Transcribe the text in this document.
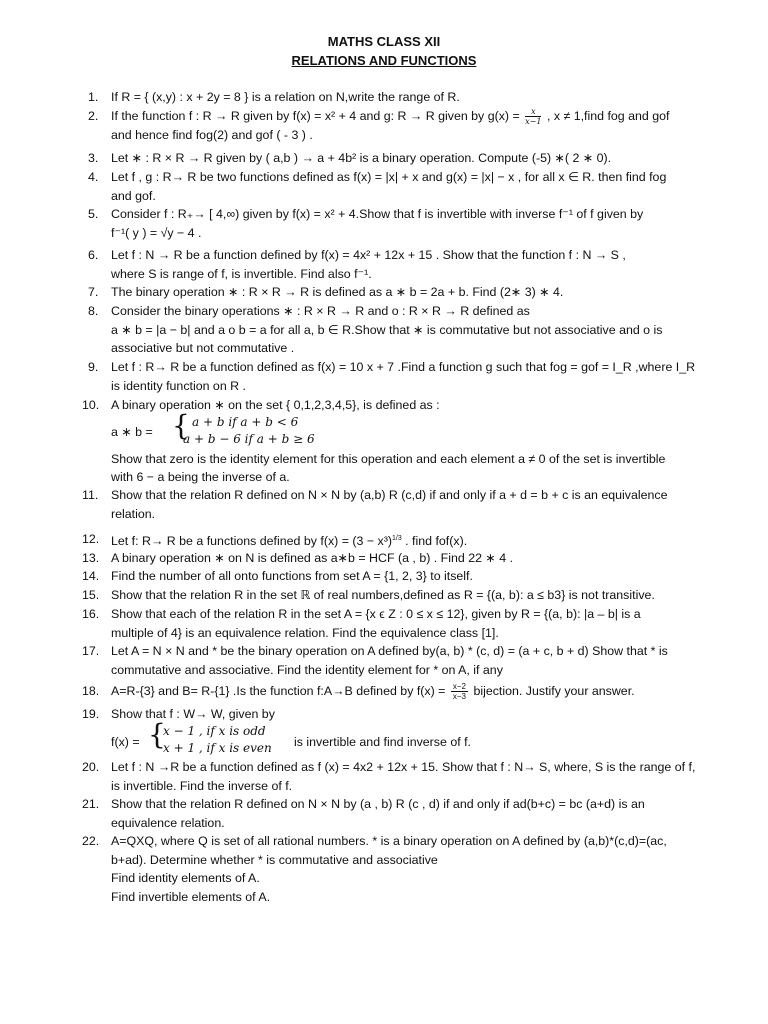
MATHS CLASS XII
RELATIONS AND FUNCTIONS
1.	If R = { (x,y) : x + 2y = 8 } is a relation on N,write the range of R.
2.	If the function f : R → R given by f(x) = x² + 4 and g: R → R given by $g(x) = \frac{x}{x-1}$ , x ≠ 1,find fog and gof
and hence find fog(2) and gof ( - 3 ) .
3.	Let ∗ : R × R → R given by ( a,b ) → a + 4b² is a binary operation. Compute (-5) ∗( 2 ∗ 0).
4.	Let f , g : R→ R be two functions defined as f(x) = |x| + x and g(x) = |x| − x , for all x ∈ R. then find fog
and gof.
5.	Consider f : R₊→ [ 4,∞) given by f(x) = x² + 4.Show that f is invertible with inverse f⁻¹ of f given by
f⁻¹( y ) = √y − 4 .
6.	Let f : N → R be a function defined by f(x) = 4x² + 12x + 15 . Show that the function f : N → S ,
where S is range of f, is invertible. Find also f⁻¹.
7.	The binary operation ∗ : R × R → R is defined as a ∗ b = 2a + b. Find (2∗ 3) ∗ 4.
8.	Consider the binary operations ∗ : R × R → R and o : R × R → R defined as
a ∗ b = |a − b| and a o b = a for all a, b ∈ R.Show that ∗ is commutative but not associative and o is
associative but not commutative .
9.	Let f : R→ R be a function defined as f(x) = 10 x + 7 .Find a function g such that fog = gof = I_R ,where I_R
is identity function on R .
10. A binary operation ∗ on the set { 0,1,2,3,4,5}, is defined as :
a ∗ b = { a + b if a + b < 6
a + b − 6 if a + b ≥ 6
Show that zero is the identity element for this operation and each element a ≠ 0 of the set is invertible
with 6 − a being the inverse of a.
11.	Show that the relation R defined on N × N by (a,b) R (c,d) if and only if a + d = b + c is an equivalence
relation.
12. Let f: R→ R be a functions defined by $f(x) = (3 - x^3)^{1/3}$ . find fof(x).
13. A binary operation ∗ on N is defined as a∗b = HCF (a , b) . Find 22 ∗ 4 .
14. Find the number of all onto functions from set A = {1, 2, 3} to itself.
15. Show that the relation R in the set ℝ of real numbers,defined as R = {(a, b): a ≤ b3} is not transitive.
16. Show that each of the relation R in the set A = {x ϵ Z : 0 ≤ x ≤ 12}, given by R = {(a, b): |a – b| is a
multiple of 4} is an equivalence relation. Find the equivalence class [1].
17. Let A = N × N and * be the binary operation on A defined by(a, b) * (c, d) = (a + c, b + d) Show that * is
commutative and associative. Find the identity element for * on A, if any
18. A=R-{3} and B= R-{1} .Is the function f:A→B defined by $f(x) = \frac{x-2}{x-3}$ bijection. Justify your answer.
19. Show that f : W→ W, given by
f(x) = {
x − 1 , if x is odd
x + 1 , if x is even is invertible and find inverse of f.
20. Let f : N →R be a function defined as f (x) = 4x2 + 12x + 15. Show that f : N→ S, where, S is the range of f,
is invertible. Find the inverse of f.
21. Show that the relation R defined on N × N by (a , b) R (c , d) if and only if ad(b+c) = bc (a+d) is an
equivalence relation.
22. A=QXQ, where Q is set of all rational numbers. * is a binary operation on A defined by (a,b)*(c,d)=(ac,
b+ad). Determine whether * is commutative and associative
Find identity elements of A.
Find invertible elements of A.
